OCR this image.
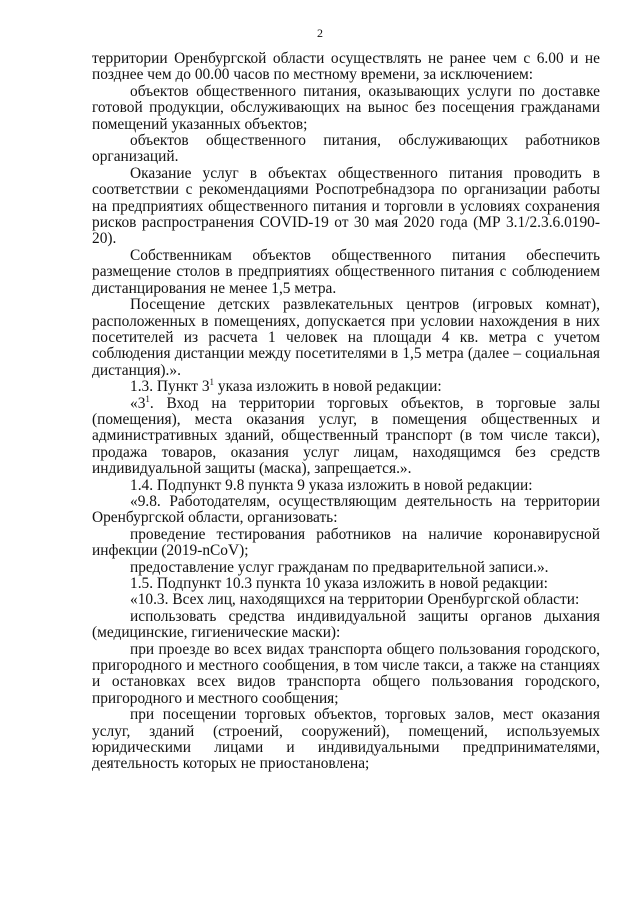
2

территории Оренбургской области осуществлять не ранее чем с 6.00 и не позднее чем до 00.00 часов по местному времени, за исключением:

объектов общественного питания, оказывающих услуги по доставке готовой продукции, обслуживающих на вынос без посещения гражданами помещений указанных объектов;

объектов общественного питания, обслуживающих работников организаций.

Оказание услуг в объектах общественного питания проводить в соответствии с рекомендациями Роспотребнадзора по организации работы на предприятиях общественного питания и торговли в условиях сохранения рисков распространения COVID-19 от 30 мая 2020 года (МР 3.1/2.3.6.0190-20).

Собственникам объектов общественного питания обеспечить размещение столов в предприятиях общественного питания с соблюдением дистанцирования не менее 1,5 метра.

Посещение детских развлекательных центров (игровых комнат), расположенных в помещениях, допускается при условии нахождения в них посетителей из расчета 1 человек на площади 4 кв. метра с учетом соблюдения дистанции между посетителями в 1,5 метра (далее – социальная дистанция).».

1.3. Пункт $3^1$ указа изложить в новой редакции:

«$3^1$. Вход на территории торговых объектов, в торговые залы (помещения), места оказания услуг, в помещения общественных и административных зданий, общественный транспорт (в том числе такси), продажа товаров, оказания услуг лицам, находящимся без средств индивидуальной защиты (маска), запрещается.».

1.4. Подпункт 9.8 пункта 9 указа изложить в новой редакции:

«9.8. Работодателям, осуществляющим деятельность на территории Оренбургской области, организовать:

проведение тестирования работников на наличие коронавирусной инфекции (2019-nCoV);

предоставление услуг гражданам по предварительной записи.».

1.5. Подпункт 10.3 пункта 10 указа изложить в новой редакции:

«10.3. Всех лиц, находящихся на территории Оренбургской области:

использовать средства индивидуальной защиты органов дыхания (медицинские, гигиенические маски):

при проезде во всех видах транспорта общего пользования городского, пригородного и местного сообщения, в том числе такси, а также на станциях и остановках всех видов транспорта общего пользования городского, пригородного и местного сообщения;

при посещении торговых объектов, торговых залов, мест оказания услуг, зданий (строений, сооружений), помещений, используемых юридическими лицами и индивидуальными предпринимателями, деятельность которых не приостановлена;
